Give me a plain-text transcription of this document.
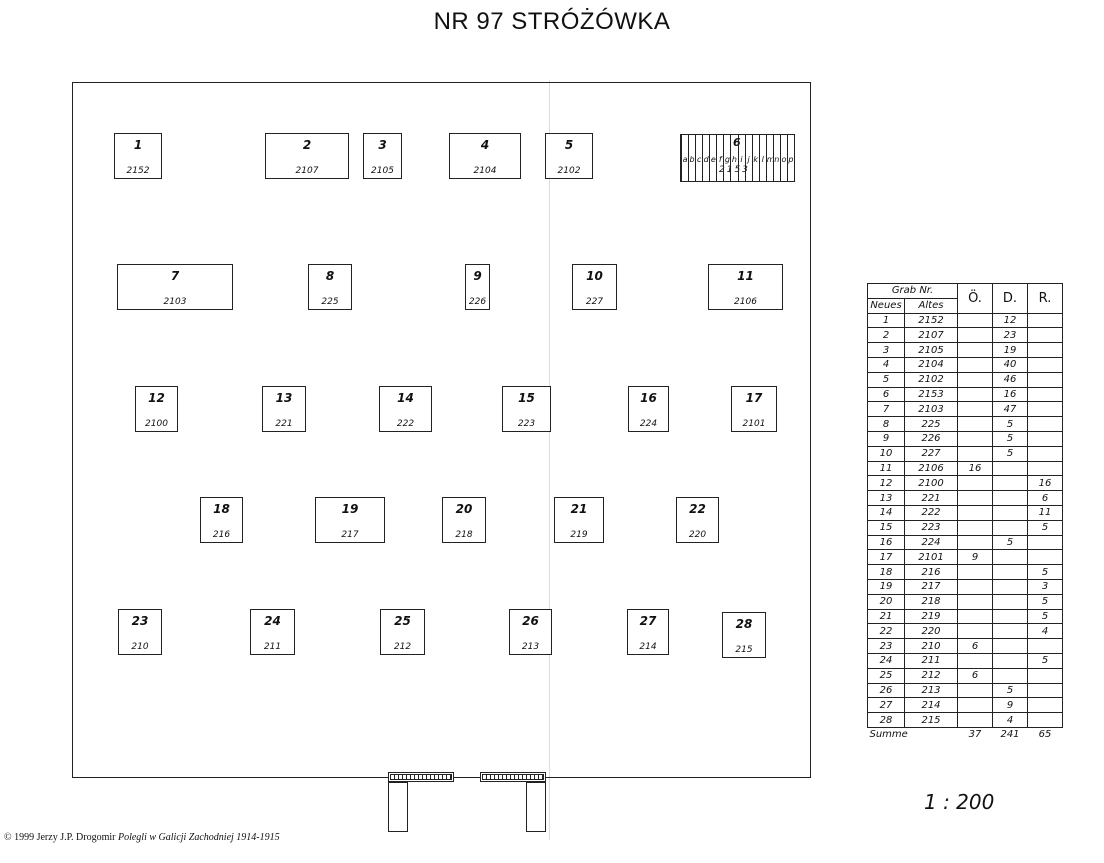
NR 97 STRÓŻÓWKA
1
2152
2
2107
3
2105
4
2104
5
2102
7
2103
8
225
9
226
10
227
11
2106
12
2100
13
221
14
222
15
223
16
224
17
2101
18
216
19
217
20
218
21
219
22
220
23
210
24
211
25
212
26
213
27
214
28
215
6
2153
a b c d e f g h i j k l m n o p
Grab Nr.		Ö.	D.	R.
Neues	Altes			
1	2152		12	
2	2107		23	
3	2105		19	
4	2104		40	
5	2102		46	
6	2153		16	
7	2103		47	
8	225		5	
9	226		5	
10	227		5	
11	2106	16		
12	2100			16
13	221			6
14	222			11
15	223			5
16	224		5	
17	2101	9		
18	216			5
19	217			3
20	218			5
21	219			5
22	220			4
23	210	6		
24	211			5
25	212	6		
26	213		5	
27	214		9	
28	215		4	
Summe		37	241	65
1 : 200
© 1999 Jerzy J.P. Drogomir Polegli w Galicji Zachodniej 1914-1915
